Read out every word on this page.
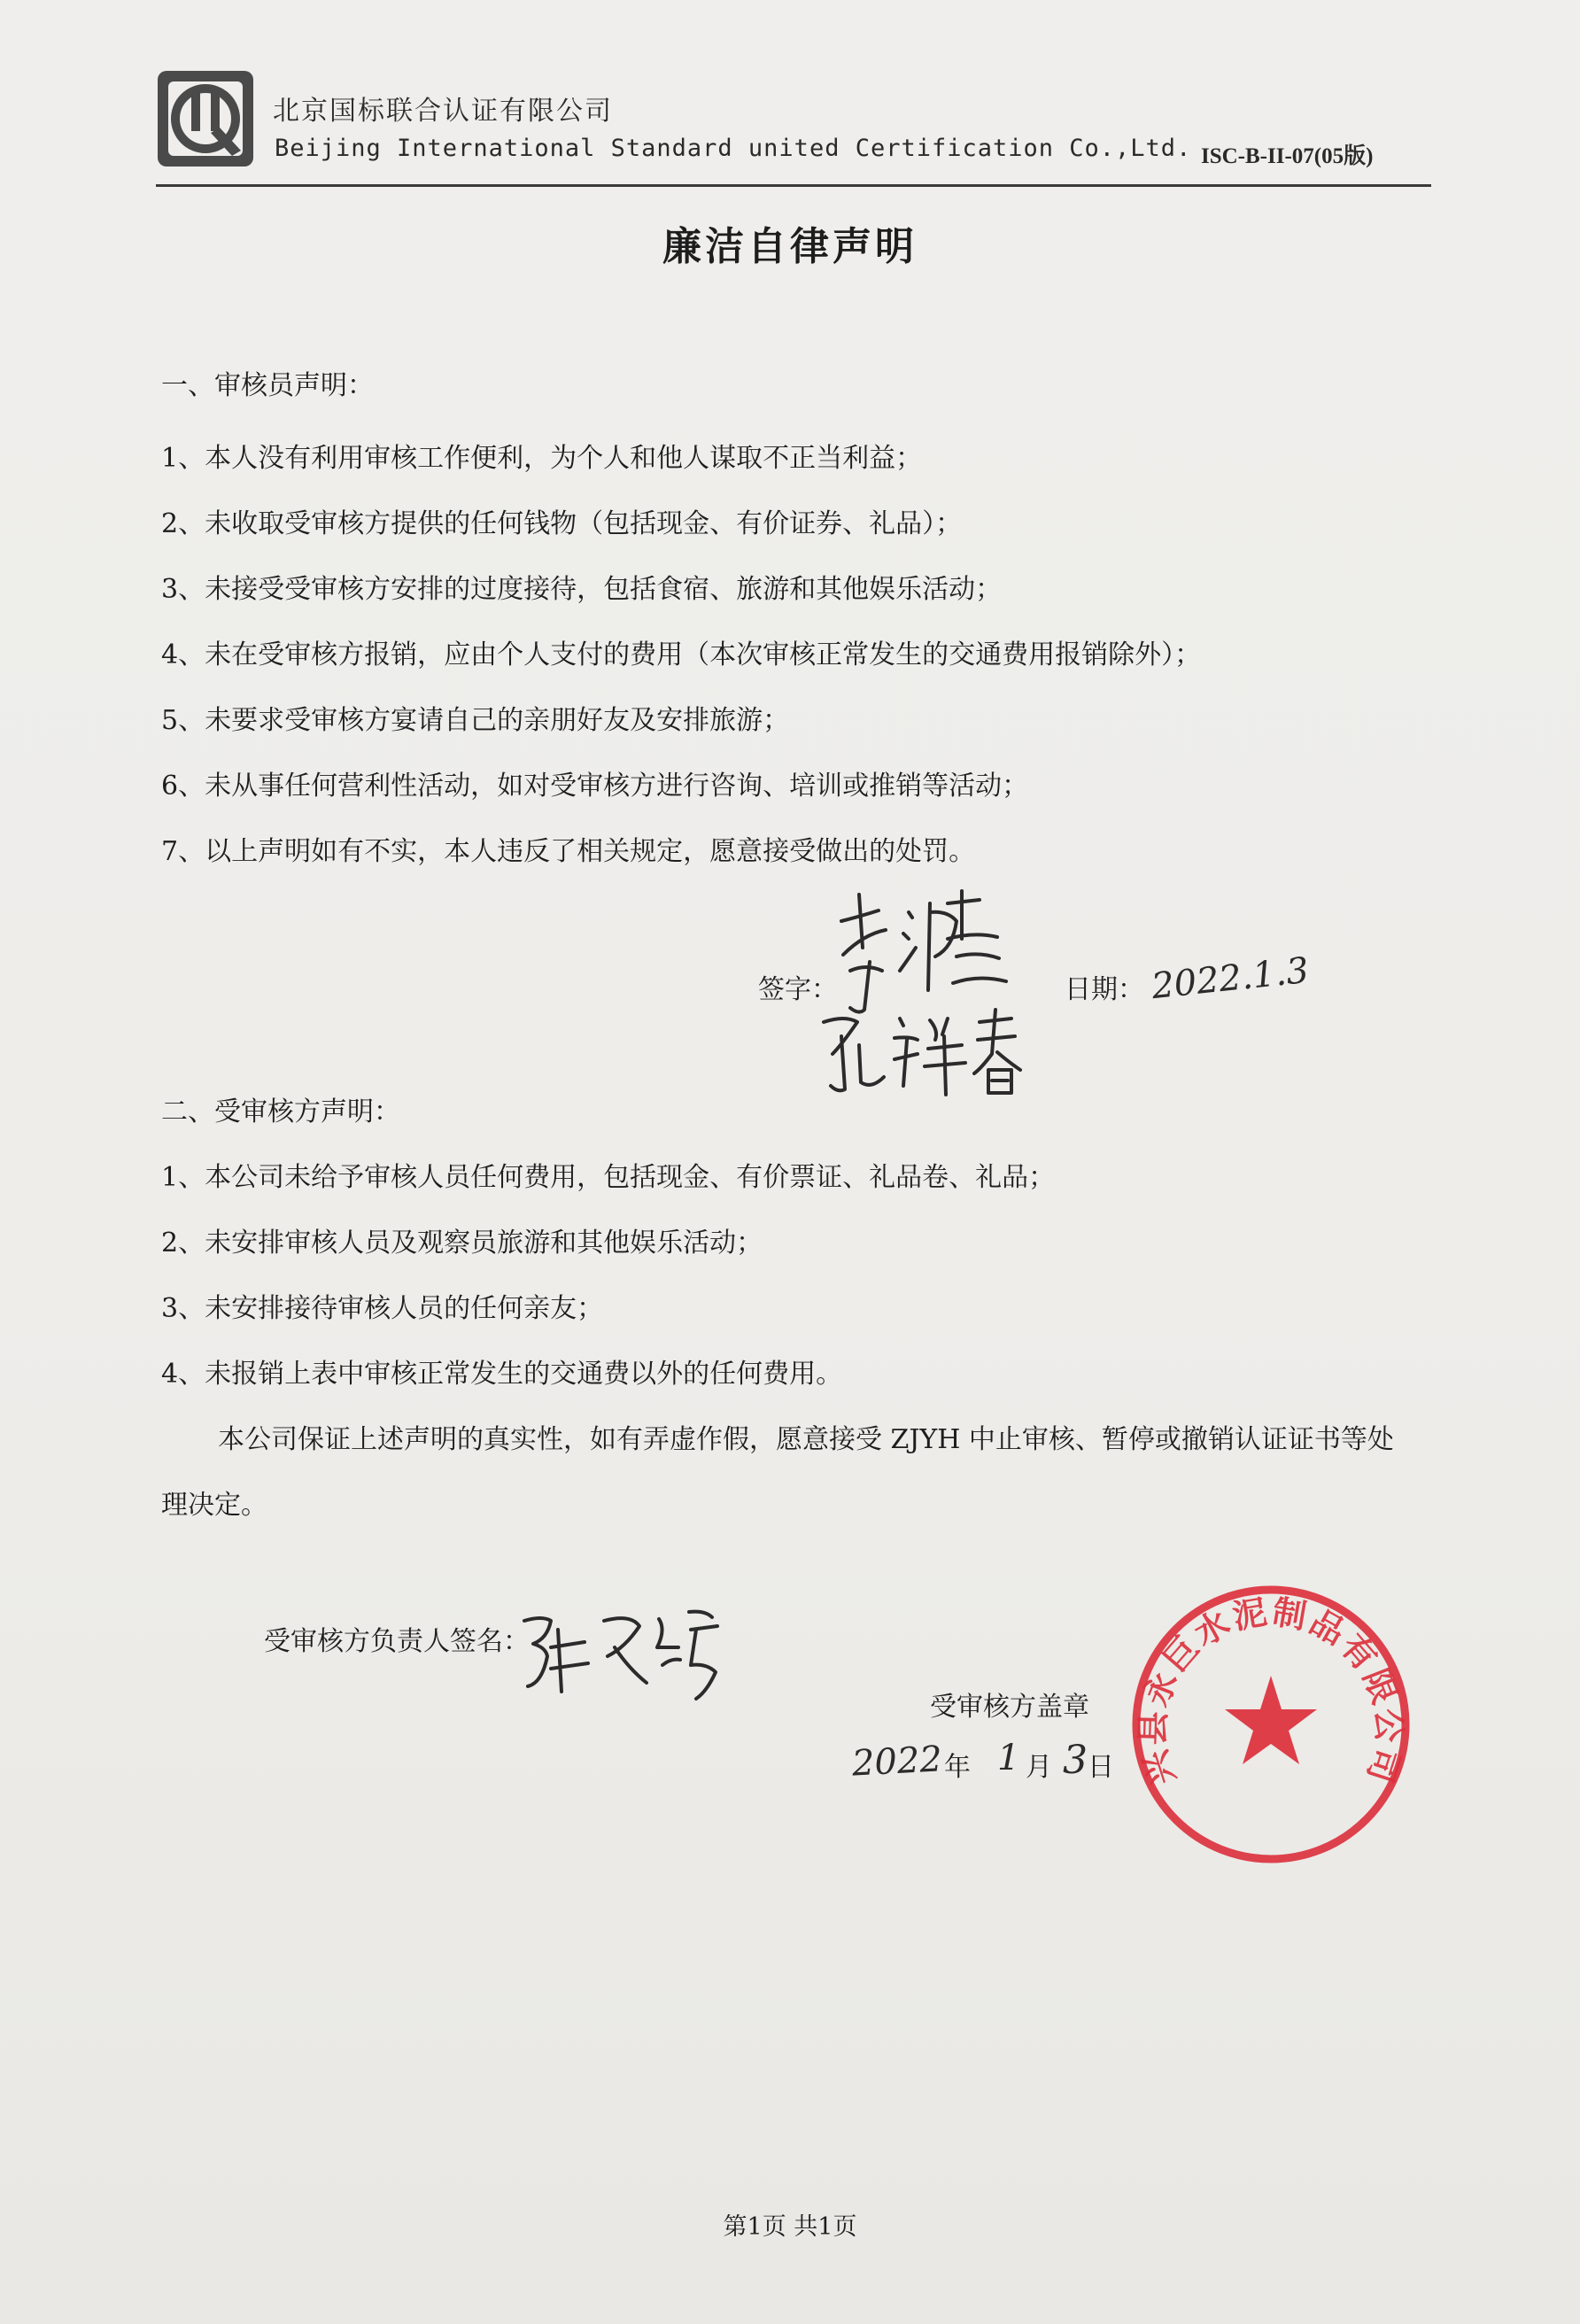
北京国标联合认证有限公司
Beijing International Standard united Certification Co.,Ltd. ISC-B-II-07(05版)
廉洁自律声明
一、审核员声明：
1、本人没有利用审核工作便利，为个人和他人谋取不正当利益；
2、未收取受审核方提供的任何钱物（包括现金、有价证券、礼品）；
3、未接受受审核方安排的过度接待，包括食宿、旅游和其他娱乐活动；
4、未在受审核方报销，应由个人支付的费用（本次审核正常发生的交通费用报销除外）；
5、未要求受审核方宴请自己的亲朋好友及安排旅游；
6、未从事任何营利性活动，如对受审核方进行咨询、培训或推销等活动；
7、以上声明如有不实，本人违反了相关规定，愿意接受做出的处罚。
签字：	日期： 2022.1.3
二、受审核方声明：
1、本公司未给予审核人员任何费用，包括现金、有价票证、礼品卷、礼品；
2、未安排审核人员及观察员旅游和其他娱乐活动；
3、未安排接待审核人员的任何亲友；
4、未报销上表中审核正常发生的交通费以外的任何费用。
本公司保证上述声明的真实性，如有弄虚作假，愿意接受 ZJYH 中止审核、暂停或撤销认证证书等处
理决定。
受审核方负责人签名：
受审核方盖章
2022 年 1 月 3 日 兴县永巨水泥制品有限公司
第1页 共1页
